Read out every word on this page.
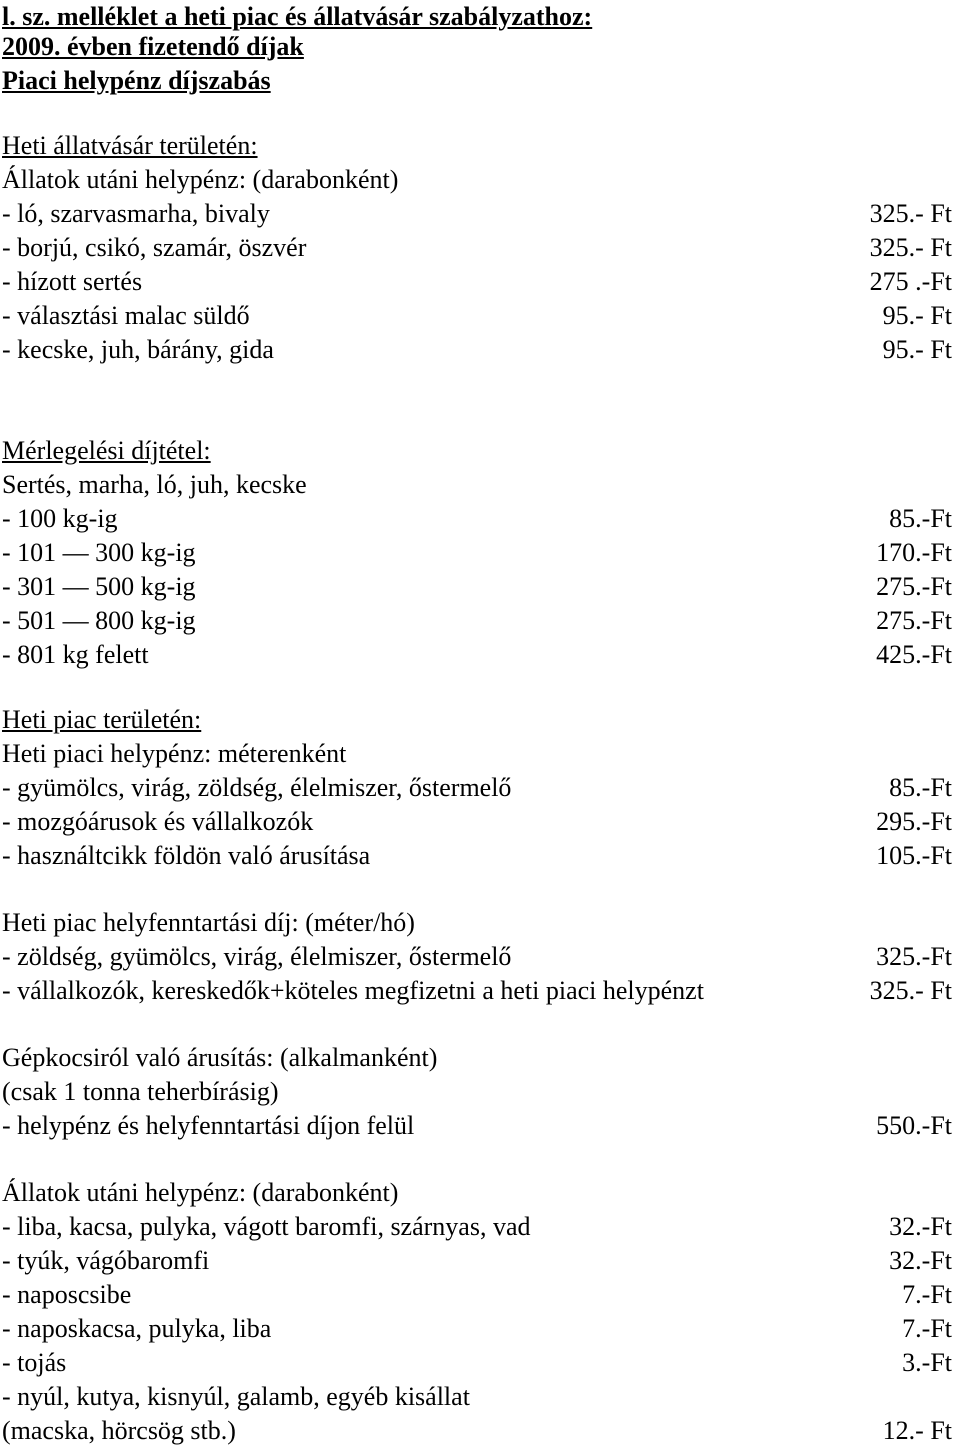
l. sz. melléklet a heti piac és állatvásár szabályzathoz:
2009. évben fizetendő díjak
Piaci helypénz díjszabás
Heti állatvásár területén:
Állatok utáni helypénz: (darabonként)
- ló, szarvasmarha, bivaly	325.- Ft
- borjú, csikó, szamár, öszvér	325.- Ft
- hízott sertés	275 .-Ft
- választási malac süldő	95.- Ft
- kecske, juh, bárány, gida	95.- Ft
Mérlegelési díjtétel:
Sertés, marha, ló, juh, kecske
- 100 kg-ig	85.-Ft
- 101 — 300 kg-ig	170.-Ft
- 301 — 500 kg-ig	275.-Ft
- 501 — 800 kg-ig	275.-Ft
- 801 kg felett	425.-Ft
Heti piac területén:
Heti piaci helypénz: méterenként
- gyümölcs, virág, zöldség, élelmiszer, őstermelő	85.-Ft
- mozgóárusok és vállalkozók	295.-Ft
- használtcikk földön való árusítása	105.-Ft
Heti piac helyfenntartási díj: (méter/hó)
- zöldség, gyümölcs, virág, élelmiszer, őstermelő	325.-Ft
- vállalkozók, kereskedők+köteles megfizetni a heti piaci helypénzt	325.- Ft
Gépkocsiról való árusítás: (alkalmanként)
(csak 1 tonna teherbírásig)
- helypénz és helyfenntartási díjon felül	550.-Ft
Állatok utáni helypénz: (darabonként)
- liba, kacsa, pulyka, vágott baromfi, szárnyas, vad	32.-Ft
- tyúk, vágóbaromfi	32.-Ft
- naposcsibe	7.-Ft
- naposkacsa, pulyka, liba	7.-Ft
- tojás	3.-Ft
- nyúl, kutya, kisnyúl, galamb, egyéb kisállat
(macska, hörcsög stb.)	12.- Ft
